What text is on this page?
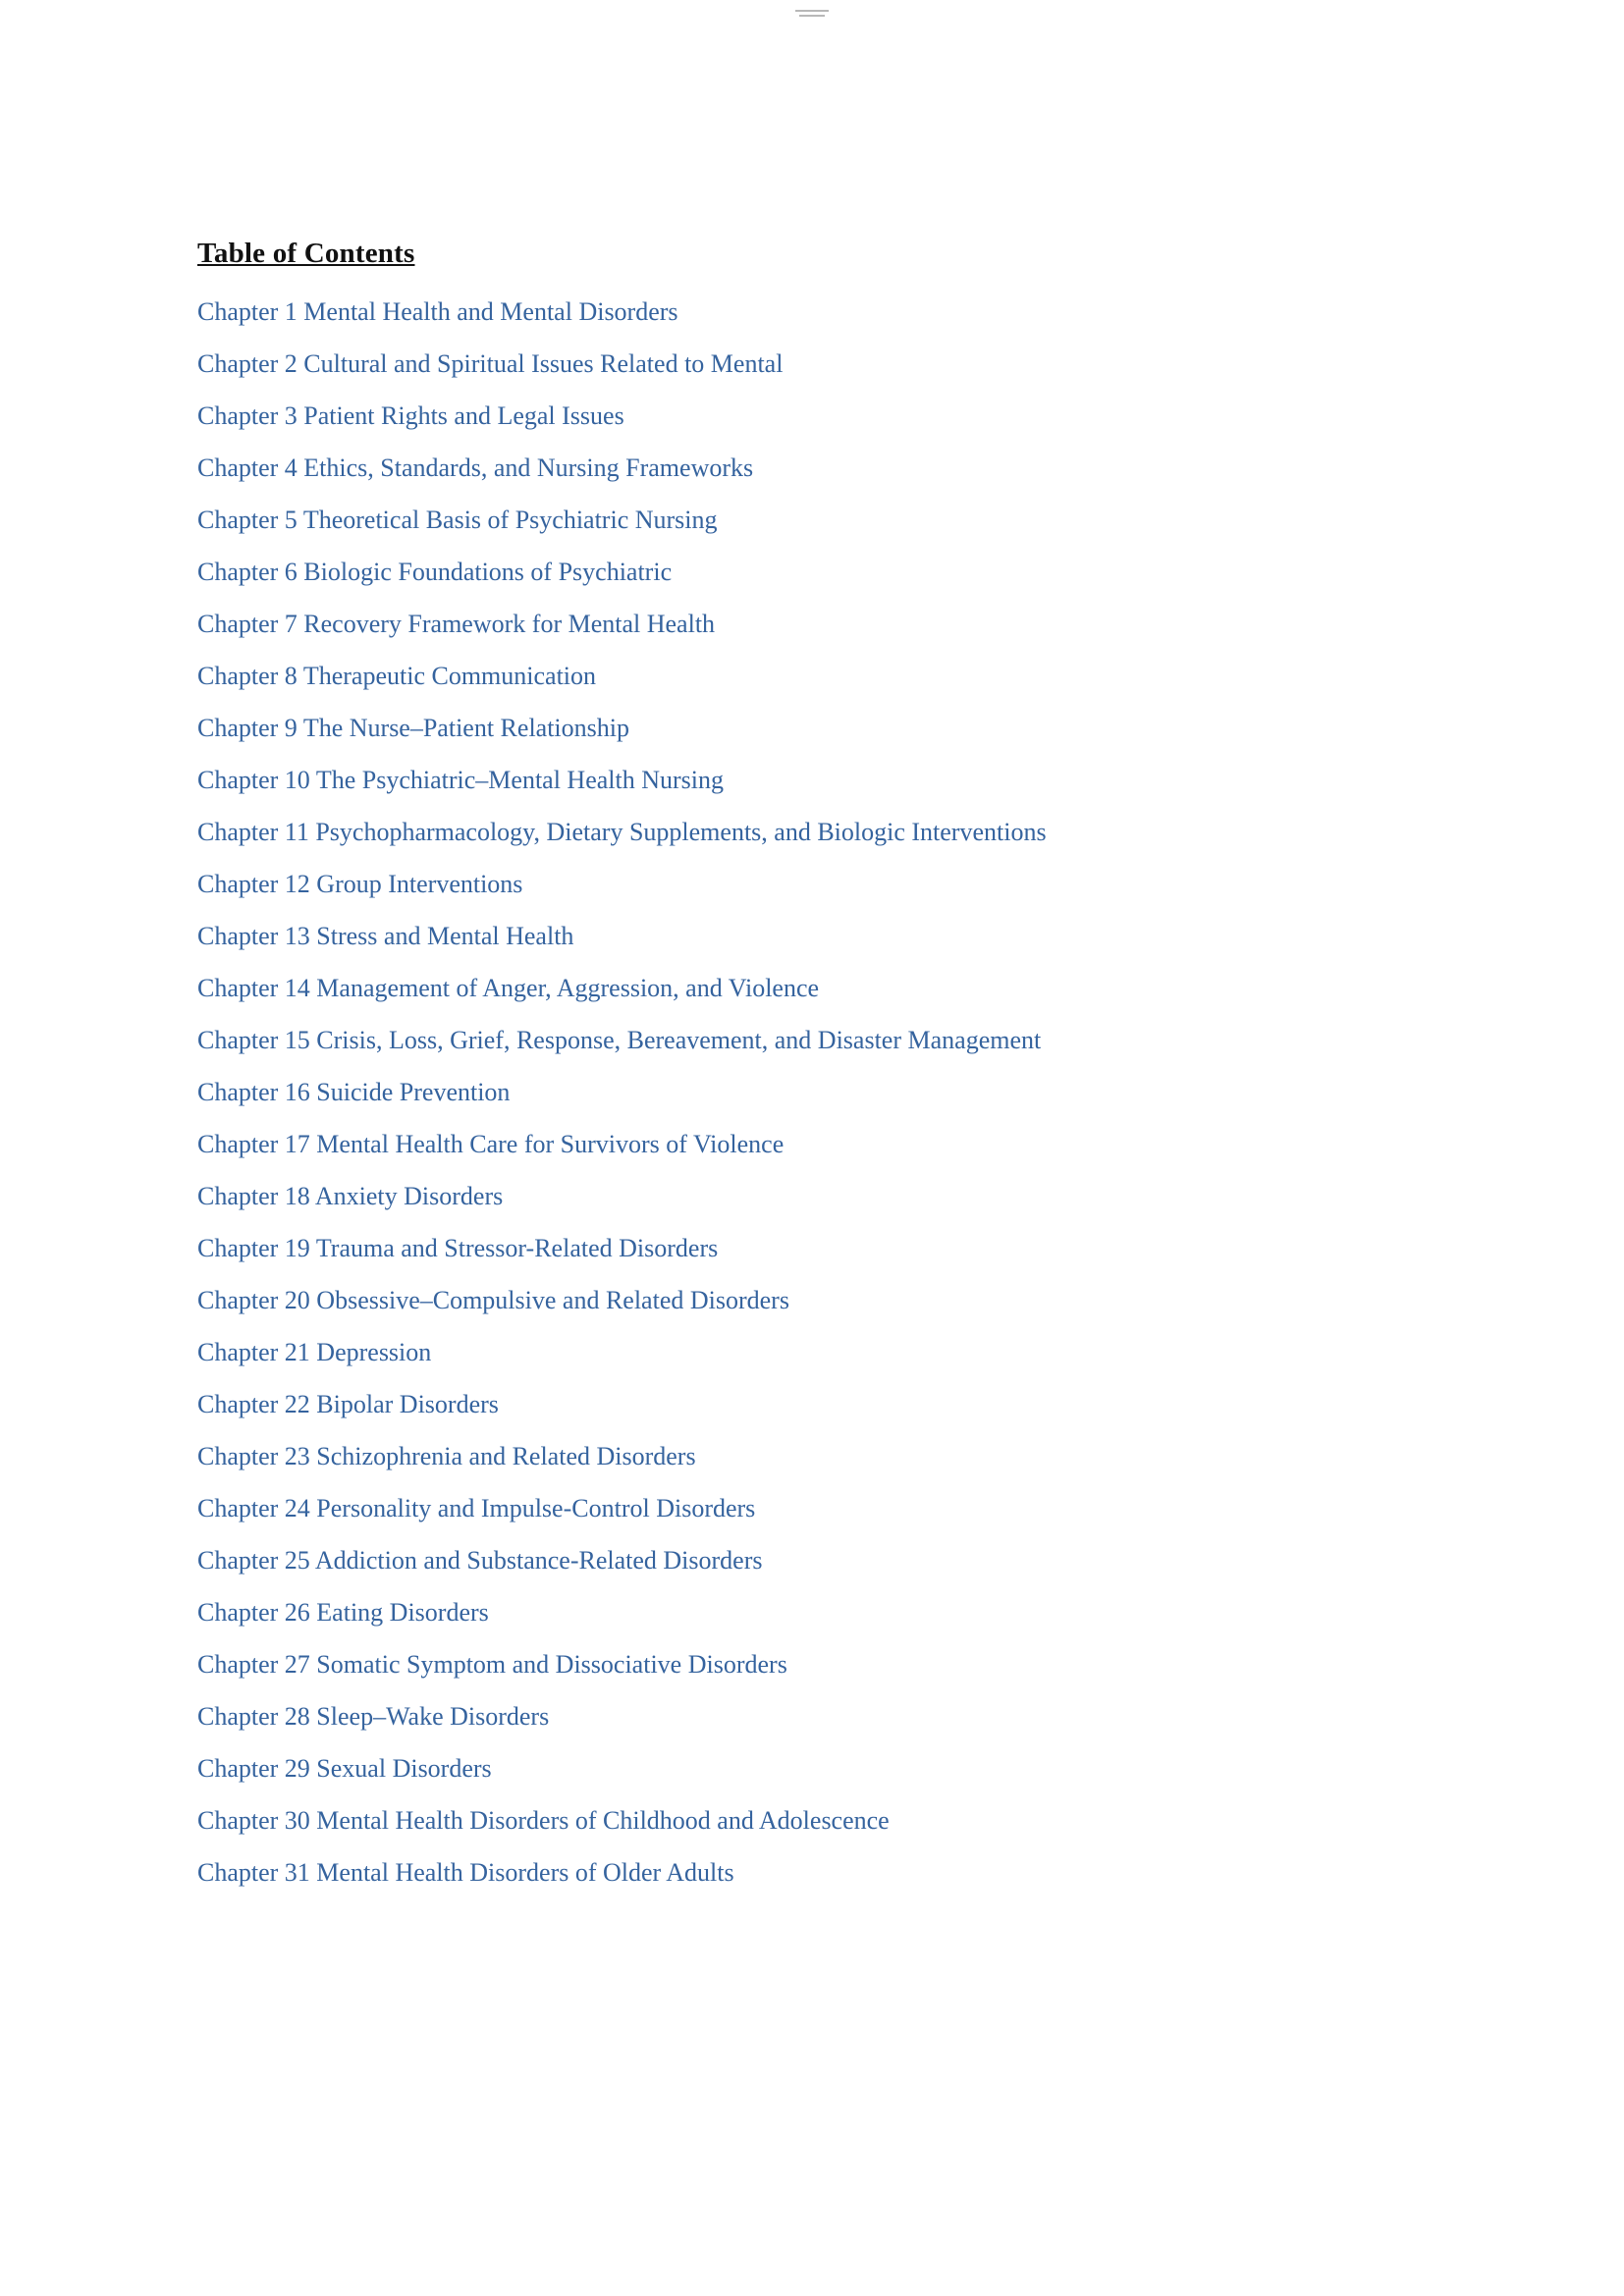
Table of Contents
Chapter 1 Mental Health and Mental Disorders
Chapter 2 Cultural and Spiritual Issues Related to Mental
Chapter 3 Patient Rights and Legal Issues
Chapter 4 Ethics, Standards, and Nursing Frameworks
Chapter 5 Theoretical Basis of Psychiatric Nursing
Chapter 6 Biologic Foundations of Psychiatric
Chapter 7 Recovery Framework for Mental Health
Chapter 8 Therapeutic Communication
Chapter 9 The Nurse–Patient Relationship
Chapter 10 The Psychiatric–Mental Health Nursing
Chapter 11 Psychopharmacology, Dietary Supplements, and Biologic Interventions
Chapter 12 Group Interventions
Chapter 13 Stress and Mental Health
Chapter 14 Management of Anger, Aggression, and Violence
Chapter 15 Crisis, Loss, Grief, Response, Bereavement, and Disaster Management
Chapter 16 Suicide Prevention
Chapter 17 Mental Health Care for Survivors of Violence
Chapter 18 Anxiety Disorders
Chapter 19 Trauma and Stressor-Related Disorders
Chapter 20 Obsessive–Compulsive and Related Disorders
Chapter 21 Depression
Chapter 22 Bipolar Disorders
Chapter 23 Schizophrenia and Related Disorders
Chapter 24 Personality and Impulse-Control Disorders
Chapter 25 Addiction and Substance-Related Disorders
Chapter 26 Eating Disorders
Chapter 27 Somatic Symptom and Dissociative Disorders
Chapter 28 Sleep–Wake Disorders
Chapter 29 Sexual Disorders
Chapter 30 Mental Health Disorders of Childhood and Adolescence
Chapter 31 Mental Health Disorders of Older Adults
